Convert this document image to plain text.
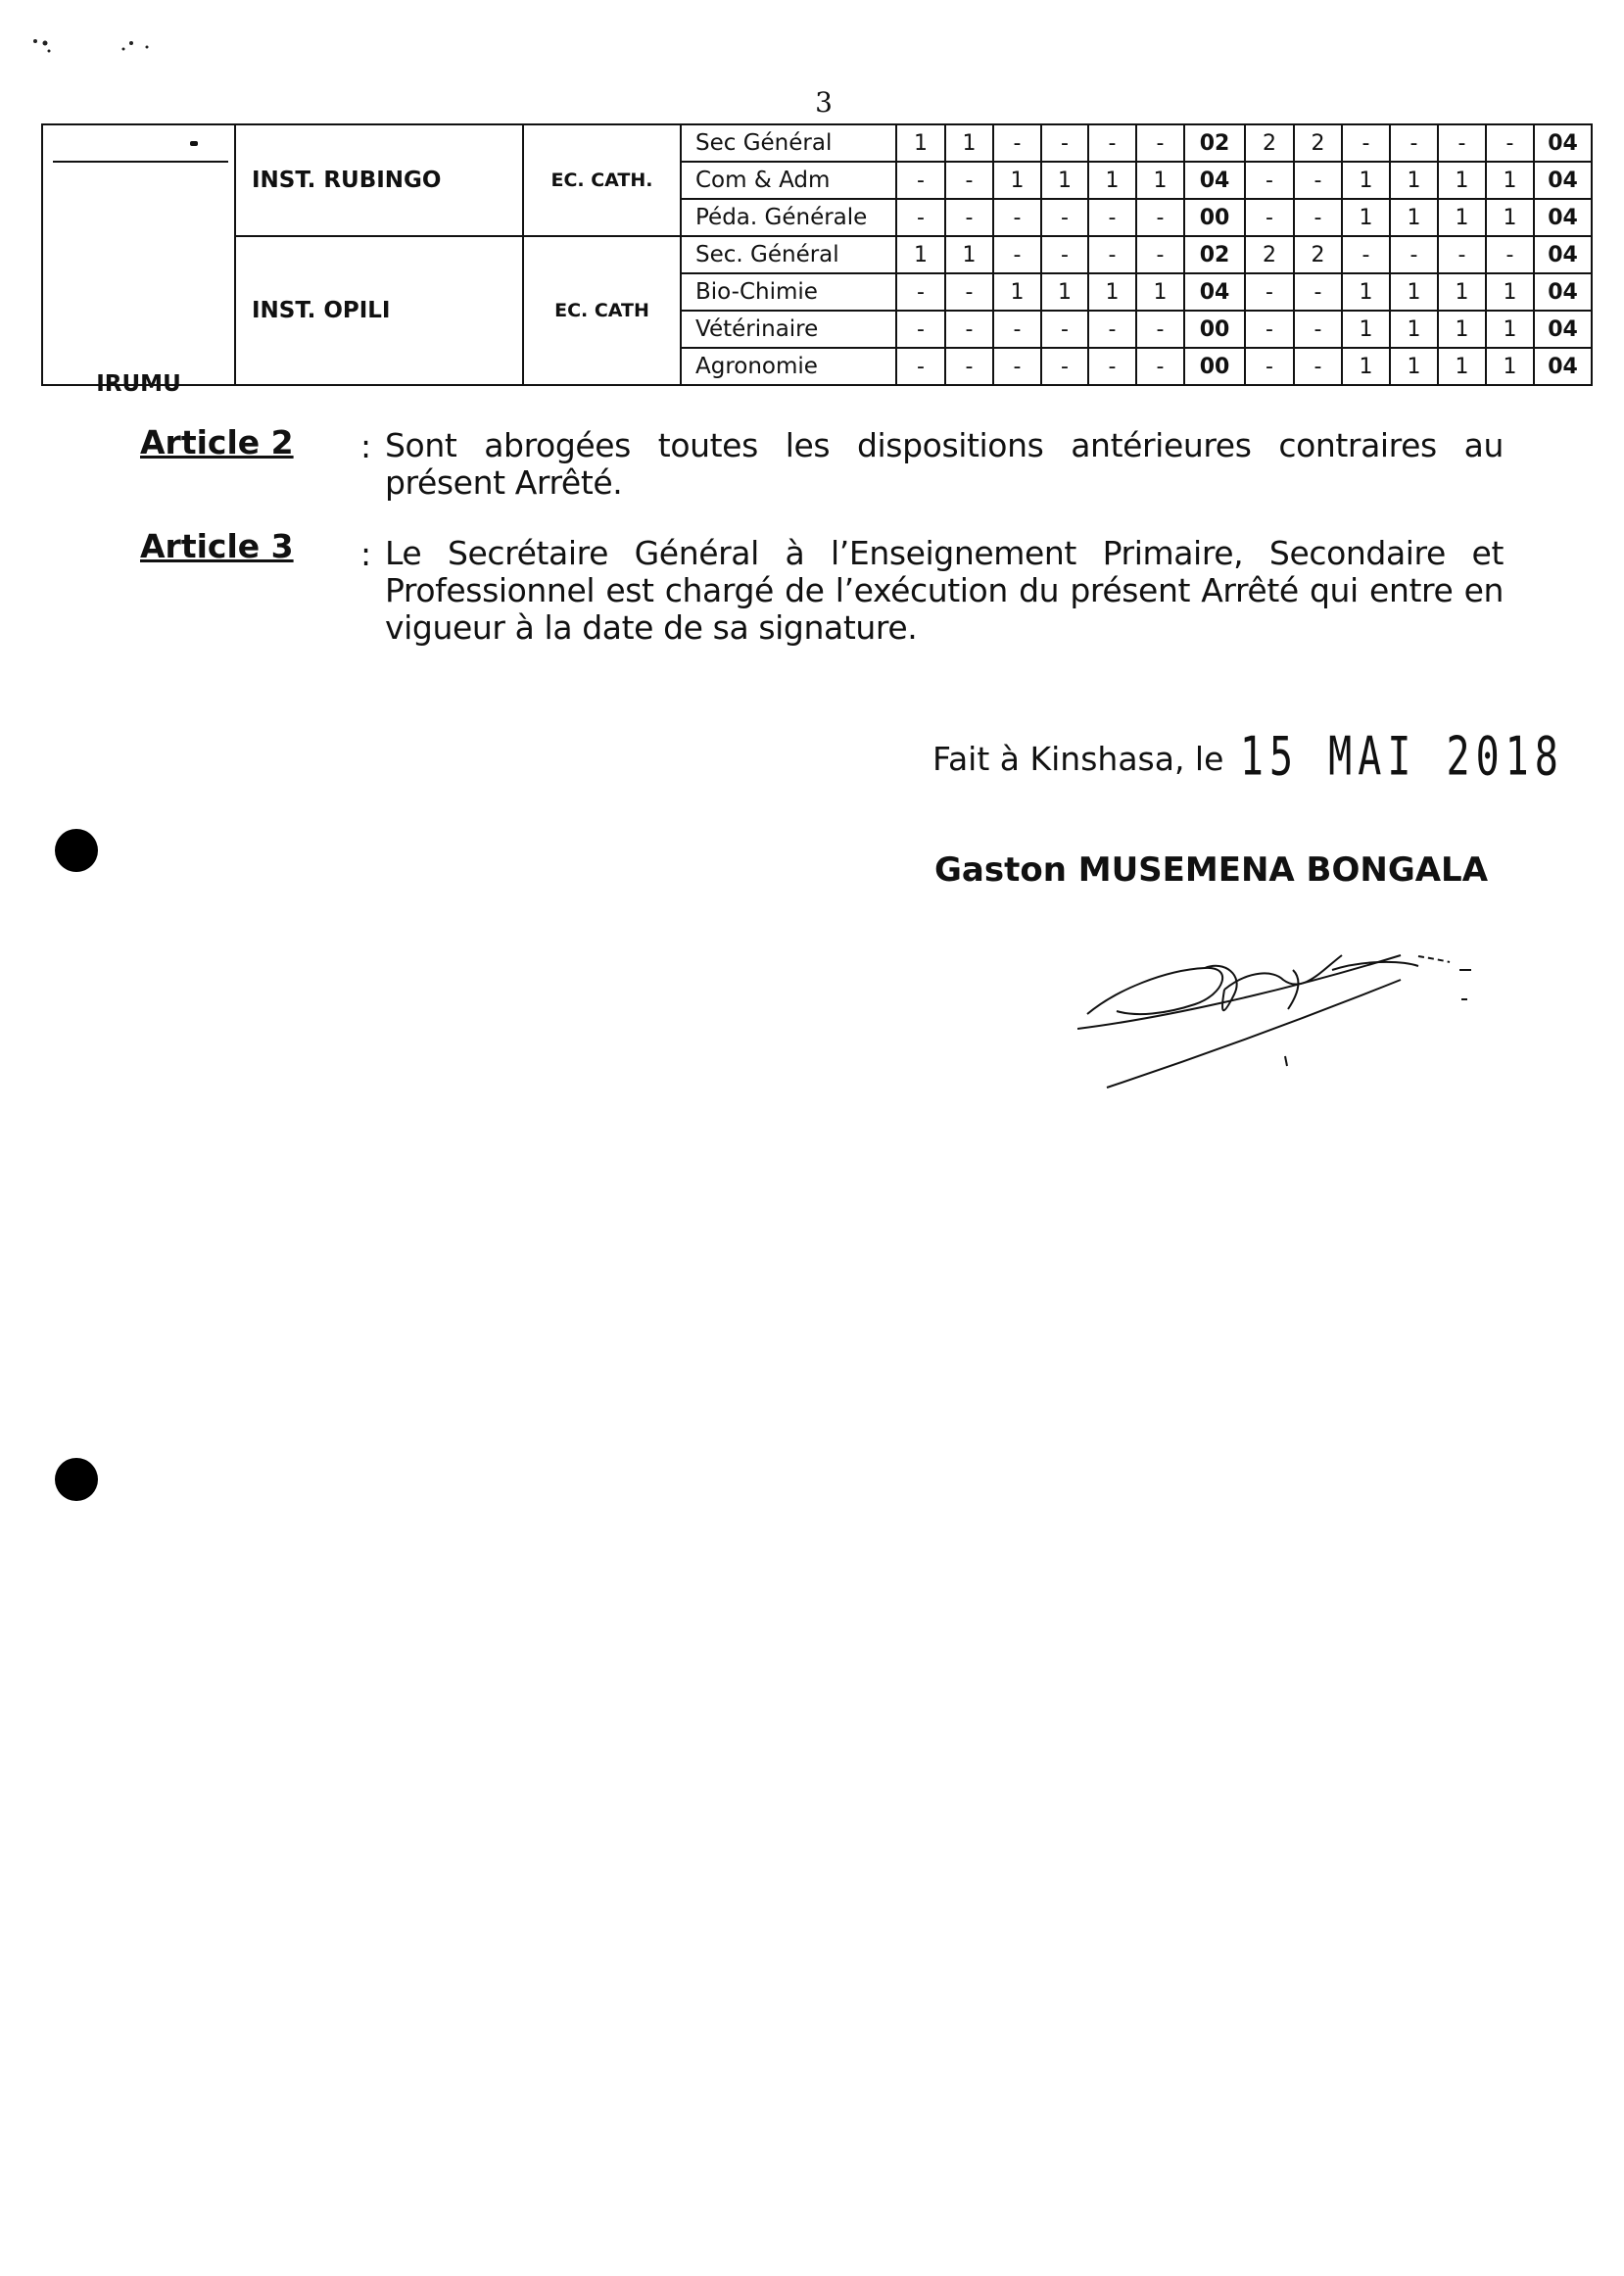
3
IRUMU	INST. RUBINGO	EC. CATH.	Sec Général	1	1	-	-	-	-	02	2	2	-	-	-	-	04
			Com & Adm	-	-	1	1	1	1	04	-	-	1	1	1	1	04
			Péda. Générale	-	-	-	-	-	-	00	-	-	1	1	1	1	04
	INST. OPILI	EC. CATH	Sec. Général	1	1	-	-	-	-	02	2	2	-	-	-	-	04
			Bio-Chimie	-	-	1	1	1	1	04	-	-	1	1	1	1	04
			Vétérinaire	-	-	-	-	-	-	00	-	-	1	1	1	1	04
			Agronomie	-	-	-	-	-	-	00	-	-	1	1	1	1	04
Article 2 : Sont abrogées toutes les dispositions antérieures contraires au présent Arrêté.
Article 3 : Le Secrétaire Général à l’Enseignement Primaire, Secondaire et Professionnel est chargé de l’exécution du présent Arrêté qui entre en vigueur à la date de sa signature.
Fait à Kinshasa, le 15 MAI 2018
Gaston MUSEMENA BONGALA
